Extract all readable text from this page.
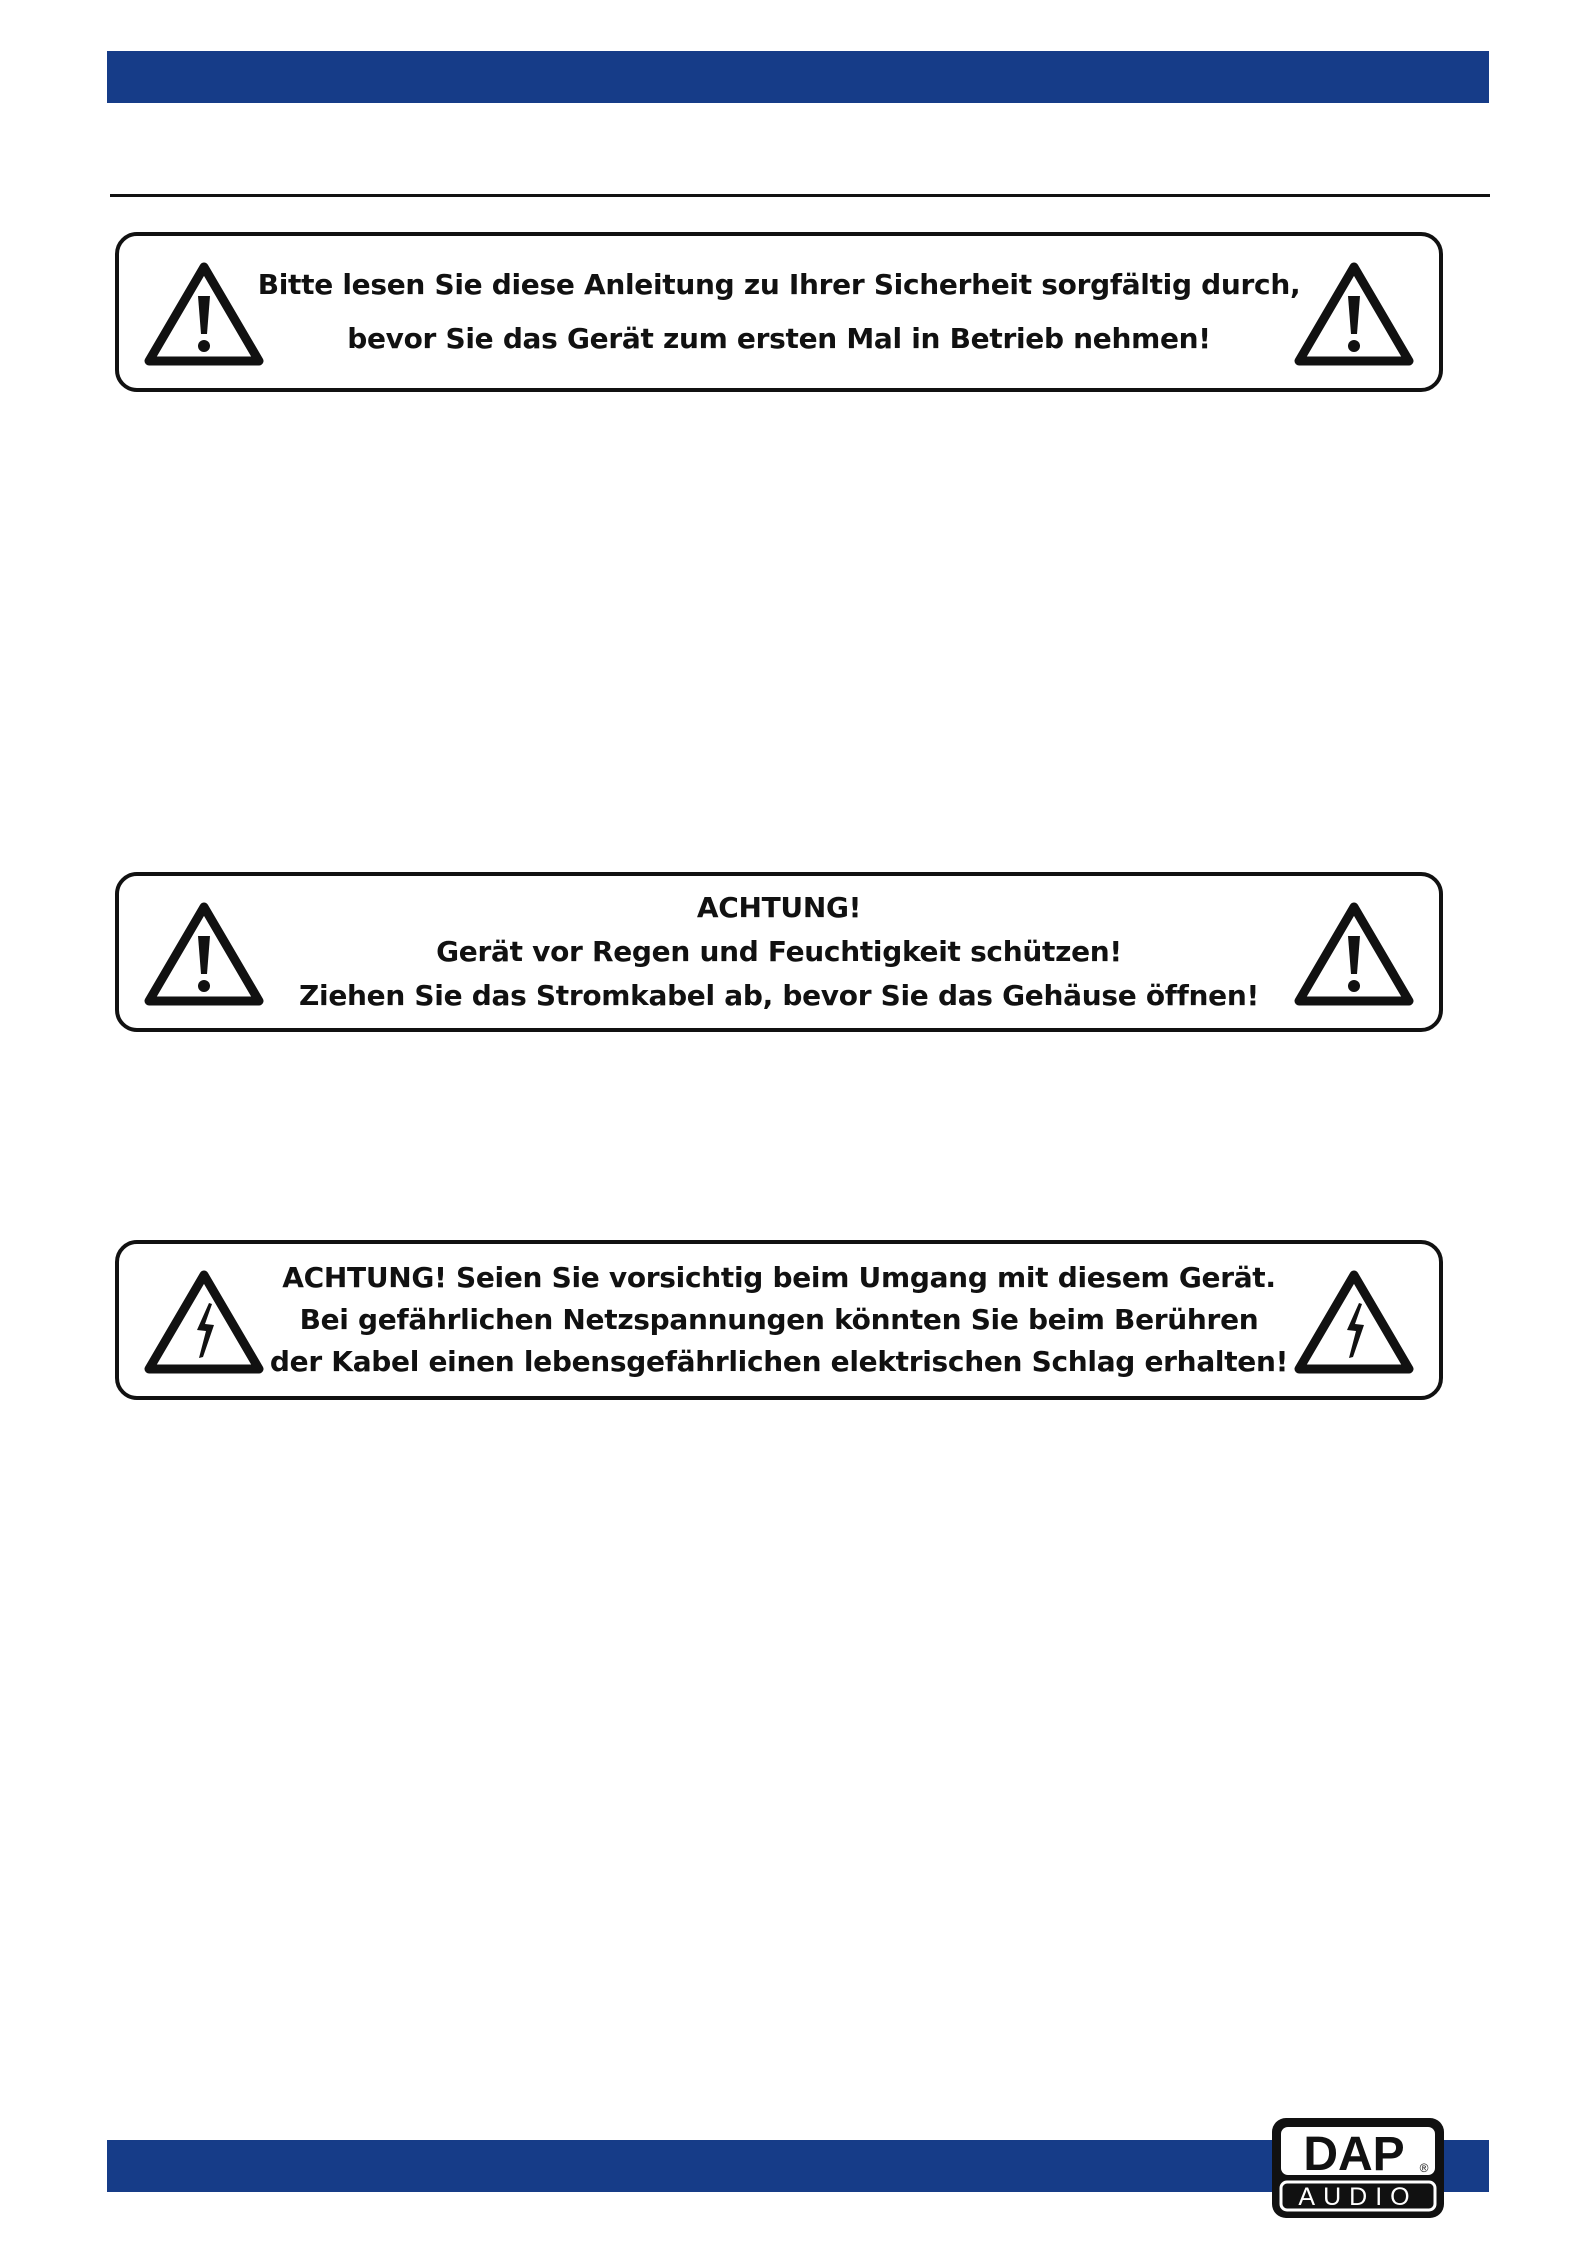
Bitte lesen Sie diese Anleitung zu Ihrer Sicherheit sorgfältig durch,
bevor Sie das Gerät zum ersten Mal in Betrieb nehmen!
ACHTUNG!
Gerät vor Regen und Feuchtigkeit schützen!
Ziehen Sie das Stromkabel ab, bevor Sie das Gehäuse öffnen!
ACHTUNG! Seien Sie vorsichtig beim Umgang mit diesem Gerät.
Bei gefährlichen Netzspannungen könnten Sie beim Berühren
der Kabel einen lebensgefährlichen elektrischen Schlag erhalten!
DAP ®
AUDIO
